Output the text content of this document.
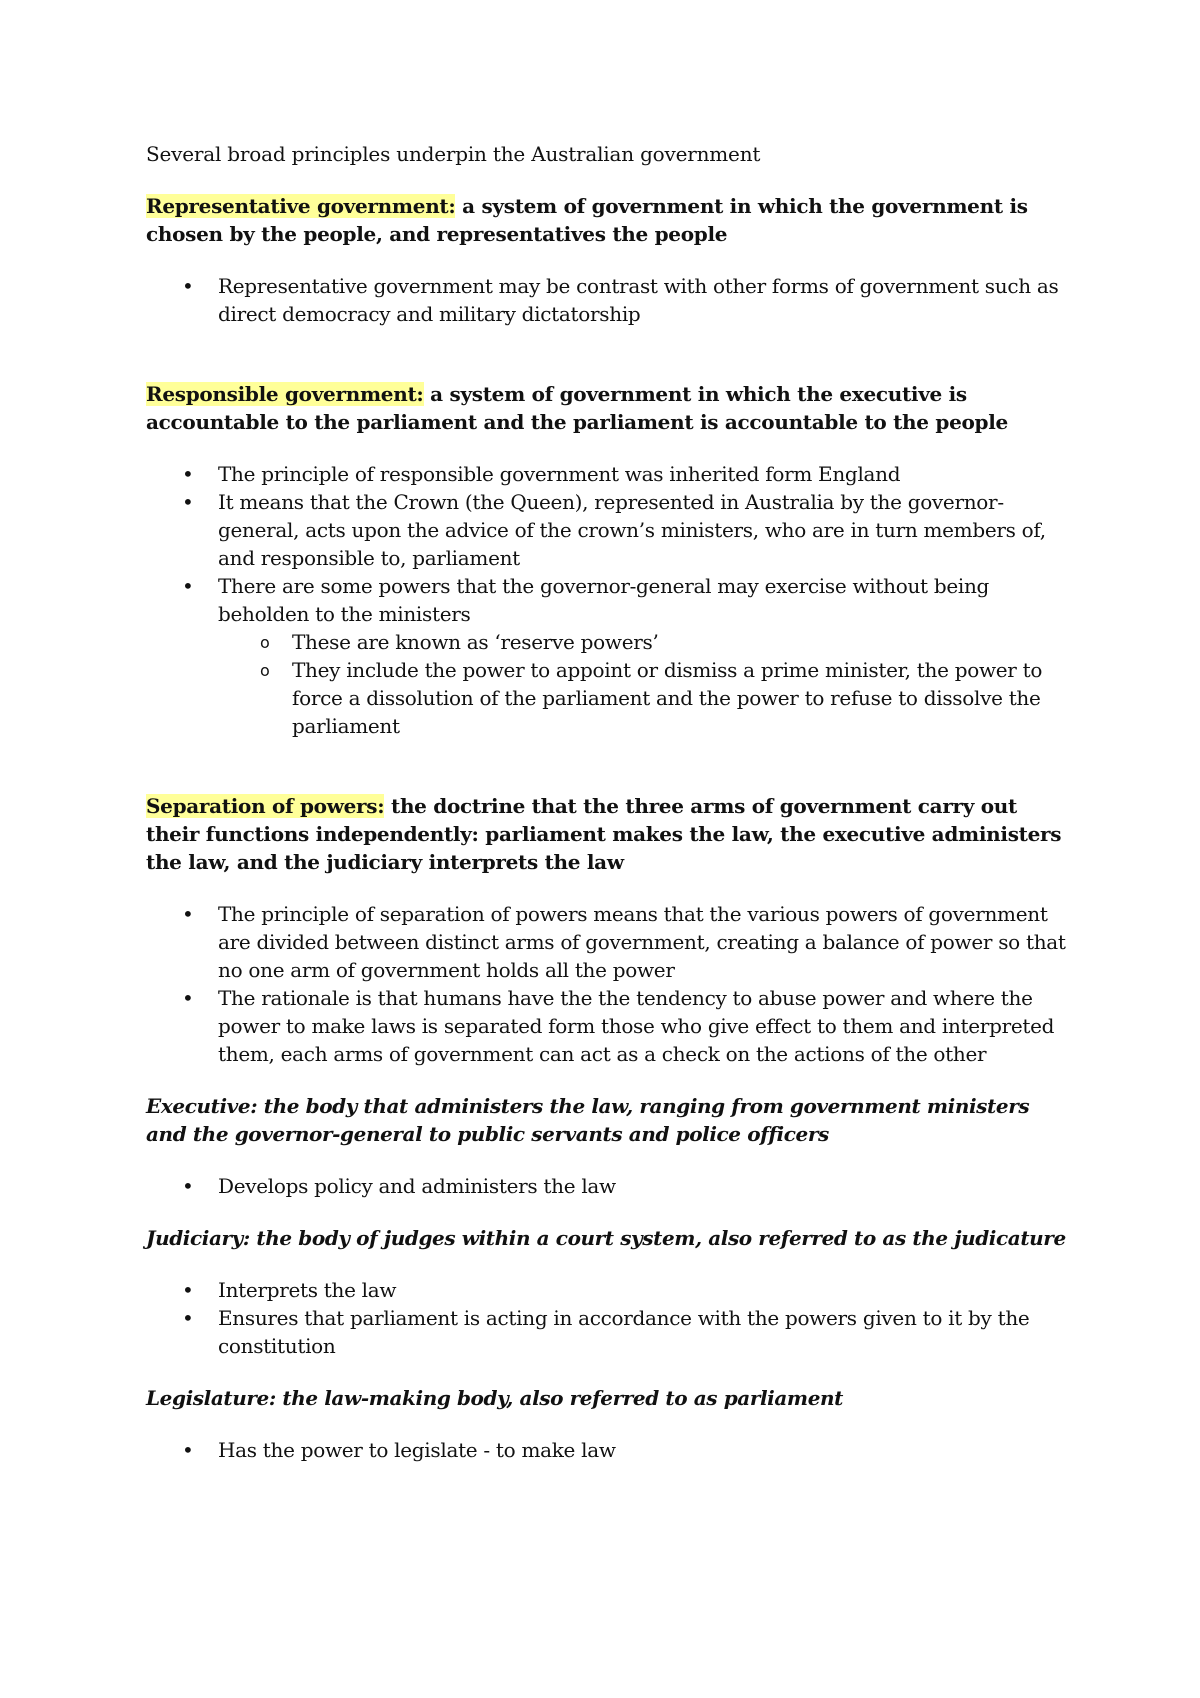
Several broad principles underpin the Australian government

Representative government: a system of government in which the government is chosen by the people, and representatives the people

• Representative government may be contrast with other forms of government such as direct democracy and military dictatorship

Responsible government: a system of government in which the executive is accountable to the parliament and the parliament is accountable to the people

• The principle of responsible government was inherited form England
• It means that the Crown (the Queen), represented in Australia by the governor-general, acts upon the advice of the crown’s ministers, who are in turn members of, and responsible to, parliament
• There are some powers that the governor-general may exercise without being beholden to the ministers
o These are known as ‘reserve powers’
o They include the power to appoint or dismiss a prime minister, the power to force a dissolution of the parliament and the power to refuse to dissolve the parliament

Separation of powers: the doctrine that the three arms of government carry out their functions independently: parliament makes the law, the executive administers the law, and the judiciary interprets the law

• The principle of separation of powers means that the various powers of government are divided between distinct arms of government, creating a balance of power so that no one arm of government holds all the power
• The rationale is that humans have the the tendency to abuse power and where the power to make laws is separated form those who give effect to them and interpreted them, each arms of government can act as a check on the actions of the other

Executive: the body that administers the law, ranging from government ministers and the governor-general to public servants and police officers

• Develops policy and administers the law

Judiciary: the body of judges within a court system, also referred to as the judicature

• Interprets the law
• Ensures that parliament is acting in accordance with the powers given to it by the constitution

Legislature: the law-making body, also referred to as parliament

• Has the power to legislate - to make law
